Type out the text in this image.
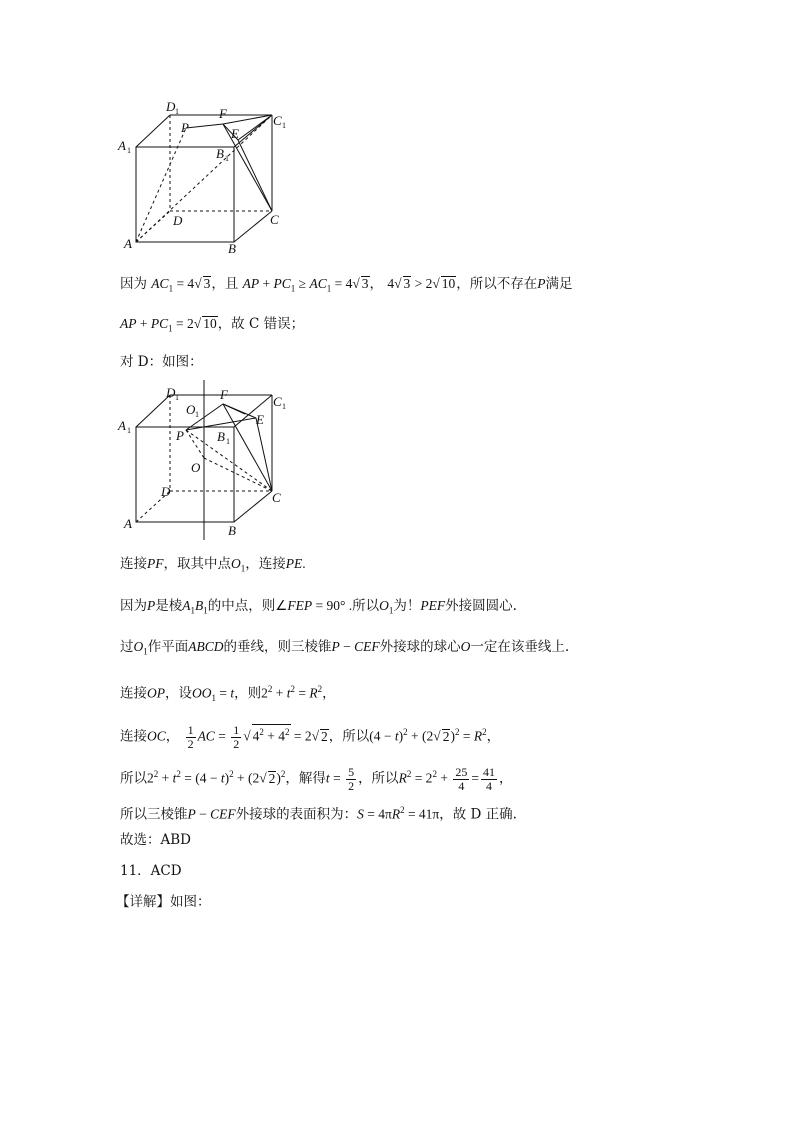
A 1
D 1	F	C 1
P	E
B 1
A
D
B
C
因为 $AC_1 = 4√$ 3，且 AP + $PC_1 \ge AC_1 = 4√$ 3， 4√ 3 > 2√ 10，所以不存在P满足
AP + $PC_1 = 2√$ 10，故 C 错误；
对 D：如图：
A 1
D 1
O 1
F	C 1
E
P	B 1
O
D
A	B
C
连接PF，取其中点$O_1$，连接PE.
因为P是棱$A_1B_1$的中点，则∠FEP = 90° .所以$O_1$为！PEF外接圆圆心.
过$O_1$作平面ABCD的垂线，则三棱锥P − CEF外接球的球心O一定在该垂线上.
连接OP，设$OO_1 = t$，则$2^2 + t^2 = R^2$，
连接OC， $\frac{1}{2}$ AC = $\frac{1}{2}$ √ $4^2 + 4^2 = 2√$ 2，所以$(4 - t)^2 + (2√$ $2)^2 = R^2$，
所以$2^2 + t^2 = (4 - t)^2 + (2√$ 2)$^2$，解得$t = \frac{5}{2}$ ，所以$R^2 = 2^2 + \frac{25}{4} = \frac{41}{4}$ ，
所以三棱锥P − CEF外接球的表面积为：$S = 4\pi R^2 = 41\pi$，故 D 正确.
故选：ABD
11．ACD
【详解】如图：
